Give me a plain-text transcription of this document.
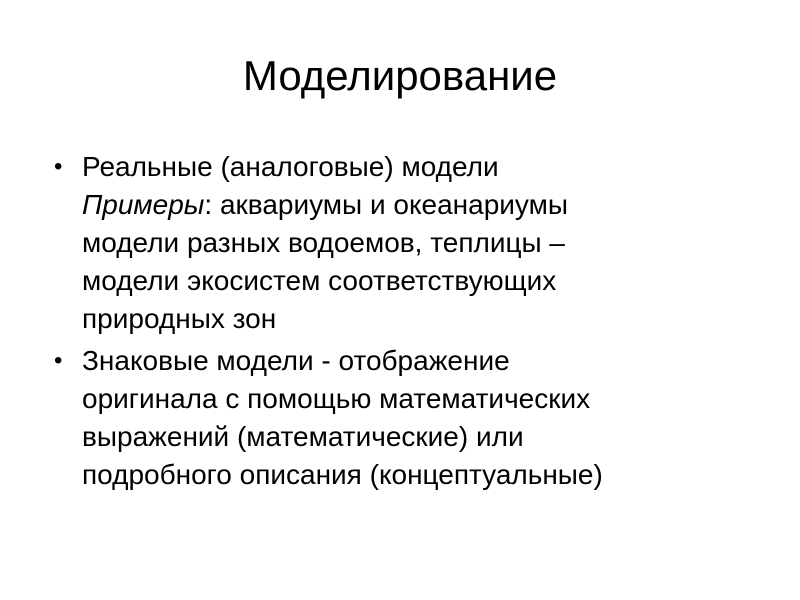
Моделирование
• Реальные (аналоговые) модели
Примеры: аквариумы и океанариумы
модели разных водоемов, теплицы –
модели экосистем соответствующих
природных зон
• Знаковые модели - отображение
оригинала с помощью математических
выражений (математические) или
подробного описания (концептуальные)
